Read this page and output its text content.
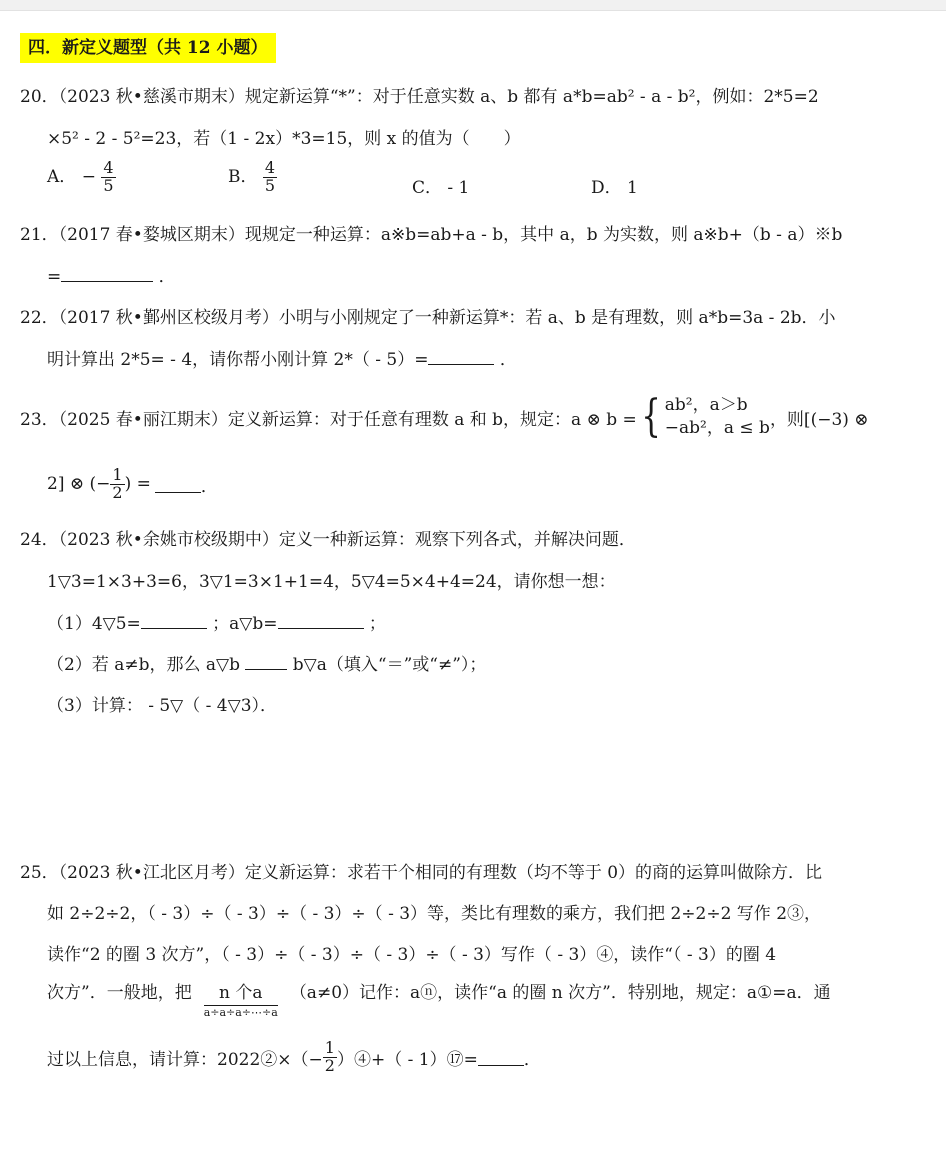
四．新定义题型（共 12 小题）
20．（2023 秋•慈溪市期末）规定新运算“*”：对于任意实数 a、b 都有 a*b=ab² - a - b²，例如：2*5=2
×5² - 2 - 5²=23，若（1 - 2x）*3=15，则 x 的值为（　　）
A． − $\frac{4}{5}$	B． $\frac{4}{5}$	C． - 1	D． 1
21．（2017 春•婺城区期末）现规定一种运算：a※b=ab+a - b，其中 a，b 为实数，则 a※b+（b - a）※b
=	．
22．（2017 秋•鄞州区校级月考）小明与小刚规定了一种新运算*：若 a、b 是有理数，则 a*b=3a - 2b．小
明计算出 2*5= - 4，请你帮小刚计算 2*（ - 5）=	．
23．（2025 春•丽江期末）定义新运算：对于任意有理数 a 和 b，规定：a ⊗ b = { ab²，a＞b
−ab²，a ≤ b ，则[(−3) ⊗
2] ⊗ (− $\frac{1}{2}$ ) =	．
24．（2023 秋•余姚市校级期中）定义一种新运算：观察下列各式，并解决问题．
1▽3=1×3+3=6，3▽1=3×1+1=4，5▽4=5×4+4=24，请你想一想：
（1）4▽5=	；a▽b=	；
（2）若 a≠b，那么 a▽b  b▽a（填入“＝”或“≠”）；
（3）计算： - 5▽（ - 4▽3）．
25．（2023 秋•江北区月考）定义新运算：求若干个相同的有理数（均不等于 0）的商的运算叫做除方．比
如 2÷2÷2，（ - 3）÷（ - 3）÷（ - 3）÷（ - 3）等，类比有理数的乘方，我们把 2÷2÷2 写作 2③，
读作“2 的圈 3 次方”，（ - 3）÷（ - 3）÷（ - 3）÷（ - 3）写作（ - 3）④，读作“（ - 3）的圈 4
次方”．一般地，把	n 个a
a÷a÷a÷⋯÷a
（a≠0）记作：aⓝ，读作“a 的圈 n 次方”．特别地，规定：a①=a．通
过以上信息，请计算：2022②×（− $\frac{1}{2}$ ）④+（ - 1）⑰=	．
